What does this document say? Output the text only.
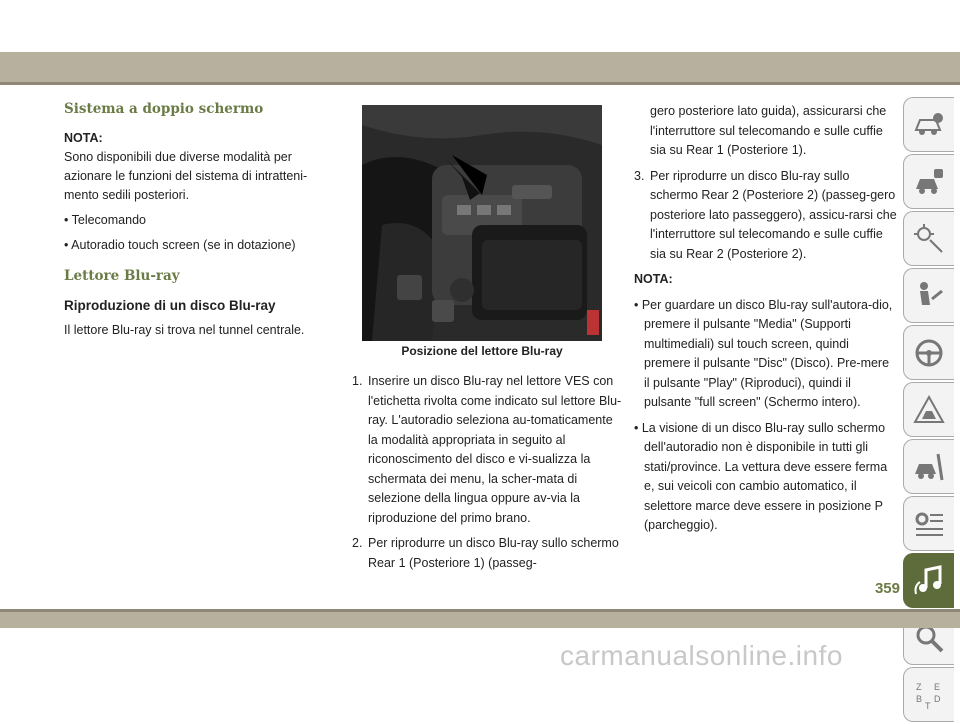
Sistema a doppio schermo
NOTA:

Sono disponibili due diverse modalità per azionare le funzioni del sistema di intratteni-mento sedili posteriori.

• Telecomando
• Autoradio touch screen (se in dotazione)
Lettore Blu-ray
Riproduzione di un disco Blu-ray

Il lettore Blu-ray si trova nel tunnel centrale.

Posizione del lettore Blu-ray
1. Inserire un disco Blu-ray nel lettore VES con l'etichetta rivolta come indicato sul lettore Blu-ray. L'autoradio seleziona au-tomaticamente la modalità appropriata in seguito al riconoscimento del disco e vi-sualizza la schermata dei menu, la scher-mata di selezione della lingua oppure av-via la riproduzione del primo brano.
2. Per riprodurre un disco Blu-ray sullo schermo Rear 1 (Posteriore 1) (passeg-

gero posteriore lato guida), assicurarsi che l'interruttore sul telecomando e sulle cuffie sia su Rear 1 (Posteriore 1).

3. Per riprodurre un disco Blu-ray sullo schermo Rear 2 (Posteriore 2) (passeg-gero posteriore lato passeggero), assicu-rarsi che l'interruttore sul telecomando e sulle cuffie sia su Rear 2 (Posteriore 2).
NOTA:
• Per guardare un disco Blu-ray sull'autora-dio, premere il pulsante "Media" (Supporti multimediali) sul touch screen, quindi premere il pulsante "Disc" (Disco). Pre-mere il pulsante "Play" (Riproduci), quindi il pulsante "full screen" (Schermo intero).
• La visione di un disco Blu-ray sullo schermo dell'autoradio non è disponibile in tutti gli stati/province. La vettura deve essere ferma e, sui veicoli con cambio automatico, il selettore marce deve essere in posizione P (parcheggio).
Z E
B D
T
359
carmanualsonline.info
